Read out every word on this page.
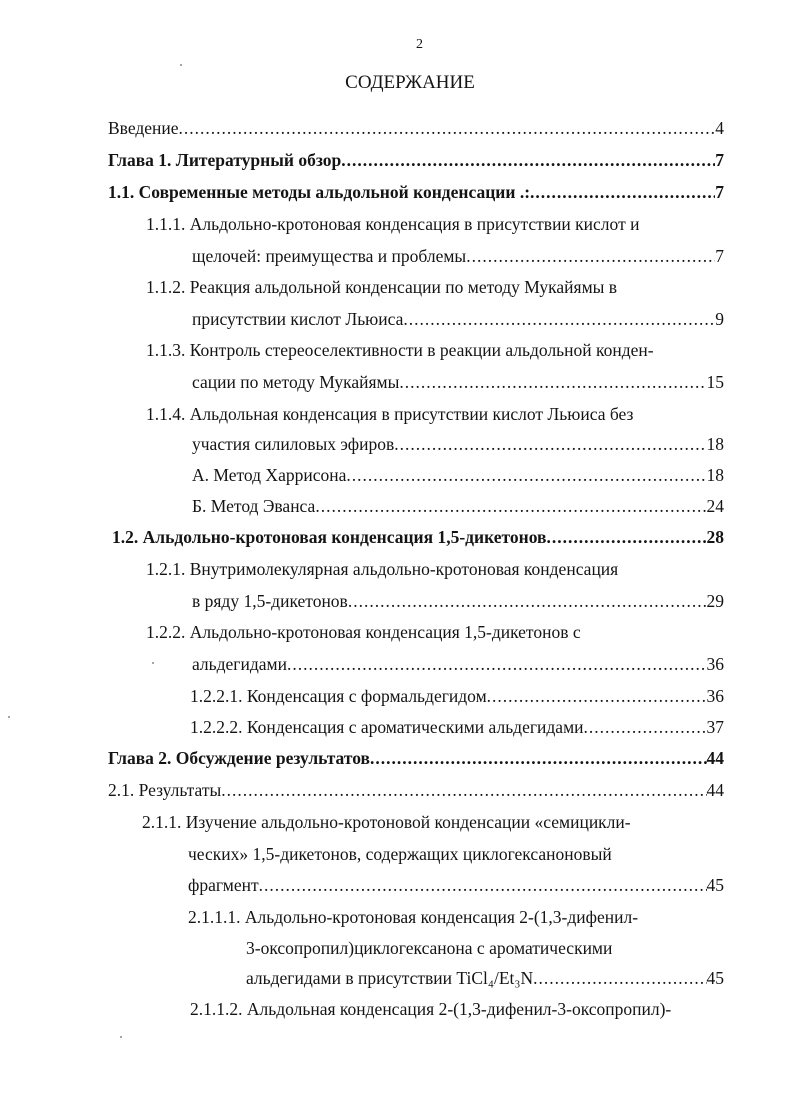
2
СОДЕРЖАНИЕ
Введение .....	4
Глава 1. Литературный обзор .....	7
1.1. Современные методы альдольной конденсации .: .....	7
1.1.1.
Альдольно-кротоновая конденсация в присутствии кислот и
щелочей: преимущества и проблемы .....	7
1.1.2.
Реакция альдольной конденсации по методу Мукайямы в
присутствии кислот Льюиса .....	9
1.1.3.
Контроль стереоселективности в реакции альдольной конден-
сации по методу Мукайямы .....	15
1.1.4.
Альдольная конденсация в присутствии кислот Льюиса без
участия силиловых эфиров .....	18
А. Метод Харрисона .....	18
Б. Метод Эванса .....	24
1.2. Альдольно-кротоновая конденсация 1,5-дикетонов .....	28
1.2.1.
Внутримолекулярная альдольно-кротоновая конденсация
в ряду 1,5-дикетонов .....	29
1.2.2.
Альдольно-кротоновая конденсация 1,5-дикетонов с
альдегидами .....	36
1.2.2.1. Конденсация с формальдегидом .....	36
1.2.2.2. Конденсация с ароматическими альдегидами .....	37
Глава 2. Обсуждение результатов .....	44
2.1. Результаты .....	44
2.1.1.
Изучение альдольно-кротоновой конденсации «семицикли-
ческих» 1,5-дикетонов, содержащих циклогексаноновый
фрагмент .....	45
2.1.1.1.
Альдольно-кротоновая конденсация 2-(1,3-дифенил-
3-оксопропил)циклогексанона с ароматическими
альдегидами в присутствии TiCl₄/Et₃N .....	45
2.1.1.2.
Альдольная конденсация 2-(1,3-дифенил-3-оксопропил)-
